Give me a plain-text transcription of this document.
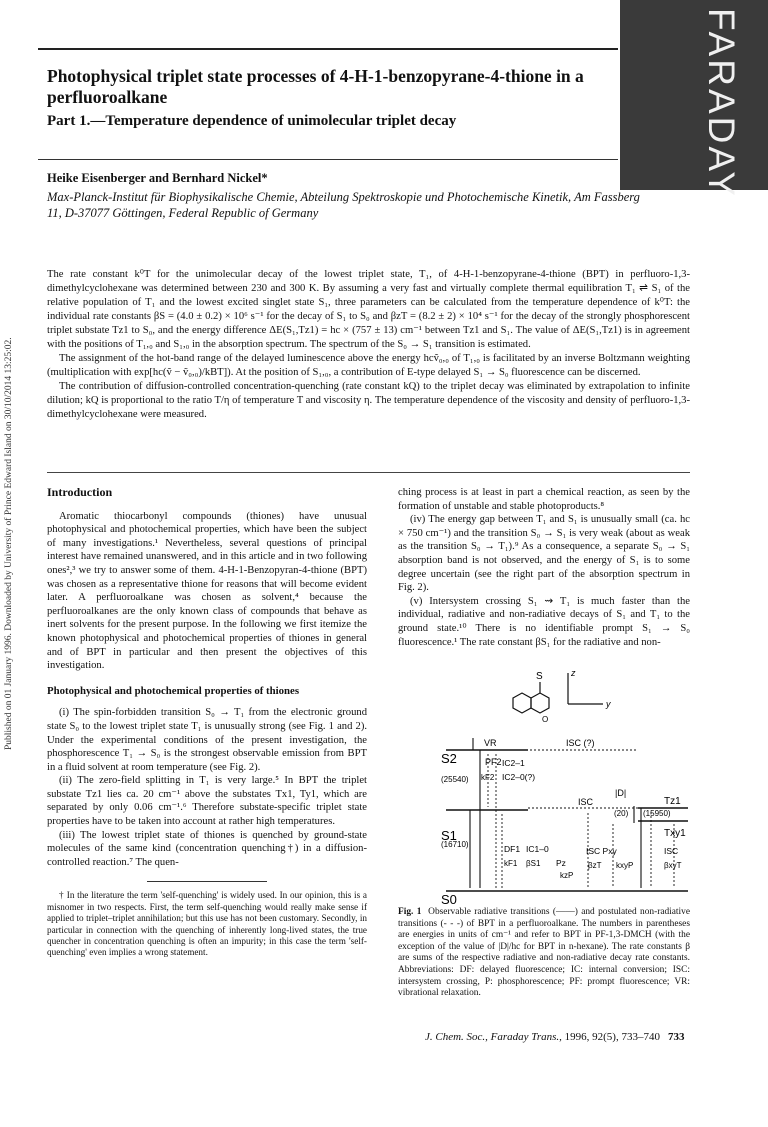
Published on 01 January 1996. Downloaded by University of Prince Edward Island on 30/10/2014 13:25:02.
FARADAY
Photophysical triplet state processes of 4-H-1-benzopyrane-4-thione in a perfluoroalkane
Part 1.—Temperature dependence of unimolecular triplet decay
Heike Eisenberger and Bernhard Nickel*
Max-Planck-Institut für Biophysikalische Chemie, Abteilung Spektroskopie und Photochemische Kinetik, Am Fassberg 11, D-37077 Göttingen, Federal Republic of Germany

The rate constant k⁰T for the unimolecular decay of the lowest triplet state, T₁, of 4-H-1-benzopyrane-4-thione (BPT) in perfluoro-1,3-dimethylcyclohexane was determined between 230 and 300 K. By assuming a very fast and virtually complete thermal equilibration T₁ ⇌ S₁ of the relative population of T₁ and the lowest excited singlet state S₁, three parameters can be calculated from the temperature dependence of k⁰T: the individual rate constants βS = (4.0 ± 0.2) × 10⁶ s⁻¹ for the decay of S₁ to S₀ and βzT = (8.2 ± 2) × 10⁴ s⁻¹ for the decay of the strongly phosphorescent triplet substate Tz1 to S₀, and the energy difference ΔE(S₁,Tz1) = hc × (757 ± 13) cm⁻¹ between Tz1 and S₁. The value of ΔE(S₁,Tz1) is in agreement with the positions of T₁,₀ and S₁,₀ in the absorption spectrum. The spectrum of the S₀ → S₁ transition is estimated.

The assignment of the hot-band range of the delayed luminescence above the energy hcṽ₀,₀ of T₁,₀ is facilitated by an inverse Boltzmann weighting (multiplication with exp[hc(ṽ − ṽ₀,₀)/kBT]). At the position of S₁,₀, a contribution of E-type delayed S₁ → S₀ fluorescence can be discerned.

The contribution of diffusion-controlled concentration-quenching (rate constant kQ) to the triplet decay was eliminated by extrapolation to infinite dilution; kQ is proportional to the ratio T/η of temperature T and viscosity η. The temperature dependence of the viscosity and density of perfluoro-1,3-dimethylcyclohexane were measured.

Introduction

Aromatic thiocarbonyl compounds (thiones) have unusual photophysical and photochemical properties, which have been the subject of many investigations.¹ Nevertheless, several questions of principal interest have remained unanswered, and in this article and in two following ones²,³ we try to answer some of them. 4-H-1-Benzopyran-4-thione (BPT) was chosen as a representative thione for reasons that will become evident later. A perfluoroalkane was chosen as solvent,⁴ because the perfluoroalkanes are the only known class of compounds that behave as inert solvents for the present purpose. In the following we first itemize the known photophysical and photochemical properties of thiones in general and of BPT in particular and then present the objectives of this investigation.

Photophysical and photochemical properties of thiones

(i) The spin-forbidden transition S₀ → T₁ from the electronic ground state S₀ to the lowest triplet state T₁ is unusually strong (see Fig. 1 and 2). Under the experimental conditions of the present investigation, the phosphorescence T₁ → S₀ is the strongest observable emission from BPT in a fluid solvent at room temperature (see Fig. 2).

(ii) The zero-field splitting in T₁ is very large.⁵ In BPT the triplet substate Tz1 lies ca. 20 cm⁻¹ above the substates Tx1, Ty1, which are separated by only 0.06 cm⁻¹.⁶ Therefore substate-specific triplet state properties have to be taken into account at rather high temperatures.

(iii) The lowest triplet state of thiones is quenched by ground-state molecules of the same kind (concentration quenching†) in a diffusion-controlled reaction.⁷ The quen-

† In the literature the term 'self-quenching' is widely used. In our opinion, this is a misnomer in two respects. First, the term self-quenching would really make sense if applied to triplet–triplet annihilation; but this use has not been customary. Secondly, in particular in connection with the quenching of inherently long-lived states, the true quencher in concentration quenching is often an impurity; in this case the term 'self-quenching' even implies a wrong statement.

ching process is at least in part a chemical reaction, as seen by the formation of unstable and stable photoproducts.⁸

(iv) The energy gap between T₁ and S₁ is unusually small (ca. hc × 750 cm⁻¹) and the transition S₀ → S₁ is very weak (about as weak as the transition S₀ → T₁).⁹ As a consequence, a separate S₀ → S₁ absorption band is not observed, and the energy of S₁ is to some degree uncertain (see the right part of the absorption spectrum in Fig. 2).

(v) Intersystem crossing S₁ ⇝ T₁ is much faster than the individual, radiative and non-radiative decays of S₁ and T₁ to the ground state.¹⁰ There is no identifiable prompt S₁ → S₀ fluorescence.¹ The rate constant βS₁ for the radiative and non-

S
O
z
y
S2
S1
S0
(25540)
(16710)
(20) (15950)
VR	ISC (?)
PF2
kF2
IC2–1
IC2–0(?)
ISC
|D|
Tz1
Txy1
DF1
kF1
IC1–0
βS1 Pz
kzP
ISC Pxy
βzT kxyP
ISC
βxyT
Fig. 1 Observable radiative transitions (——) and postulated non-radiative transitions (- - -) of BPT in a perfluoroalkane. The numbers in parentheses are energies in units of cm⁻¹ and refer to BPT in PF-1,3-DMCH (with the exception of the value of |D|/hc for BPT in n-hexane). The rate constants β are sums of the respective radiative and non-radiative decay rate constants. Abbreviations: DF: delayed fluorescence; IC: internal conversion; ISC: intersystem crossing, P: phosphorescence; PF: prompt fluorescence; VR: vibrational relaxation.
J. Chem. Soc., Faraday Trans., 1996, 92(5), 733–740 733
